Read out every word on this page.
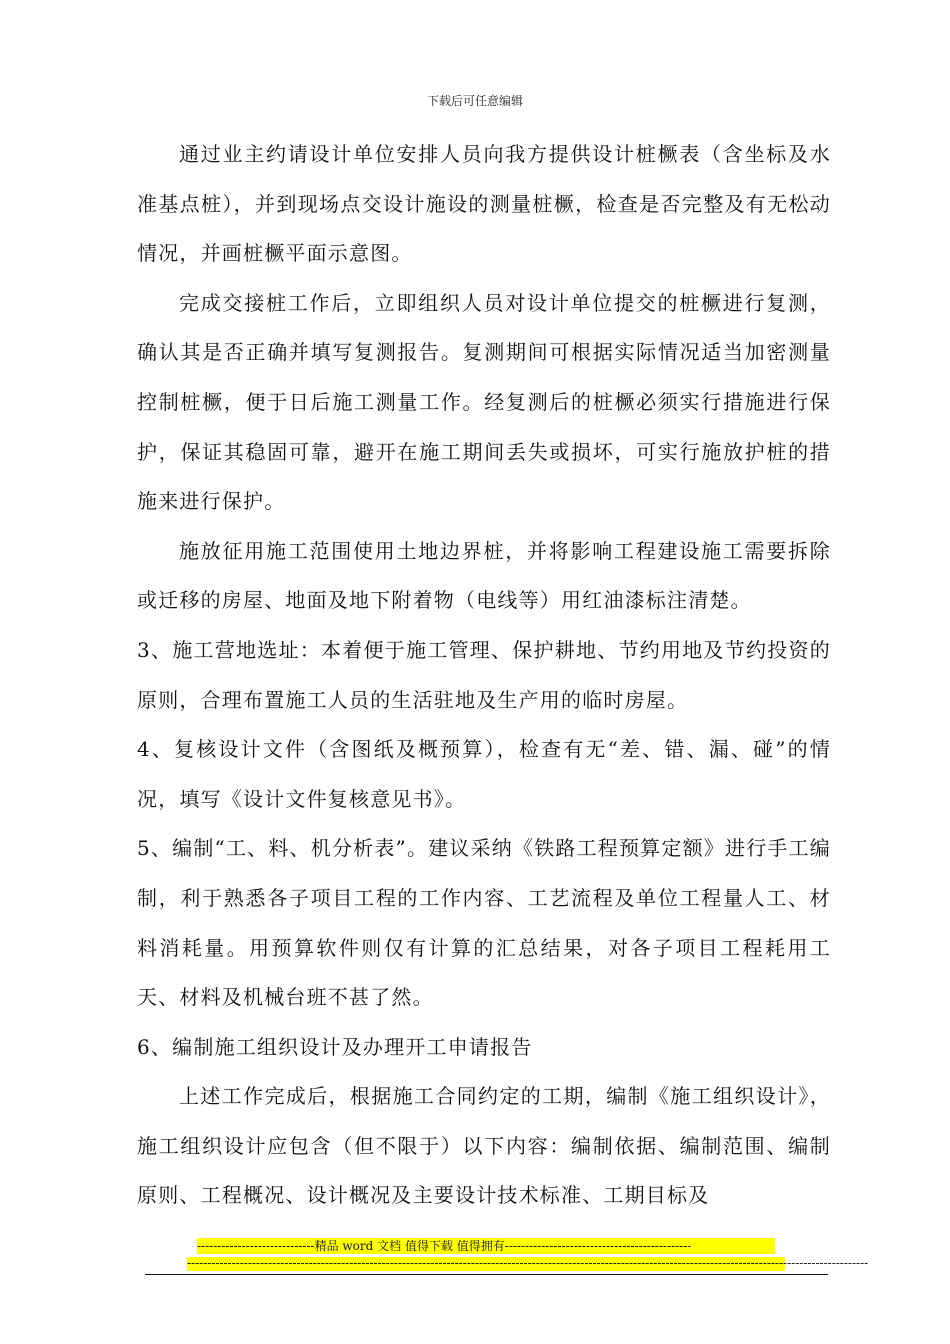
下载后可任意编辑

通过业主约请设计单位安排人员向我方提供设计桩橛表（含坐标及水准基点桩），并到现场点交设计施设的测量桩橛，检查是否完整及有无松动情况，并画桩橛平面示意图。

完成交接桩工作后，立即组织人员对设计单位提交的桩橛进行复测，确认其是否正确并填写复测报告。复测期间可根据实际情况适当加密测量控制桩橛，便于日后施工测量工作。经复测后的桩橛必须实行措施进行保护，保证其稳固可靠，避开在施工期间丢失或损坏，可实行施放护桩的措施来进行保护。

施放征用施工范围使用土地边界桩，并将影响工程建设施工需要拆除或迁移的房屋、地面及地下附着物（电线等）用红油漆标注清楚。

3、施工营地选址：本着便于施工管理、保护耕地、节约用地及节约投资的原则，合理布置施工人员的生活驻地及生产用的临时房屋。

4、复核设计文件（含图纸及概预算），检查有无“差、错、漏、碰”的情况，填写《设计文件复核意见书》。

5、编制“工、料、机分析表”。建议采纳《铁路工程预算定额》进行手工编制，利于熟悉各子项目工程的工作内容、工艺流程及单位工程量人工、材料消耗量。用预算软件则仅有计算的汇总结果，对各子项目工程耗用工天、材料及机械台班不甚了然。

6、编制施工组织设计及办理开工申请报告

上述工作完成后，根据施工合同约定的工期，编制《施工组织设计》，施工组织设计应包含（但不限于）以下内容：编制依据、编制范围、编制原则、工程概况、设计概况及主要设计技术标准、工期目标及

-----------------------------精品 word 文档 值得下载 值得拥有----------------------------------------------
------------------------------------------------------------------------------------------------------------------------------------------------------------------------
